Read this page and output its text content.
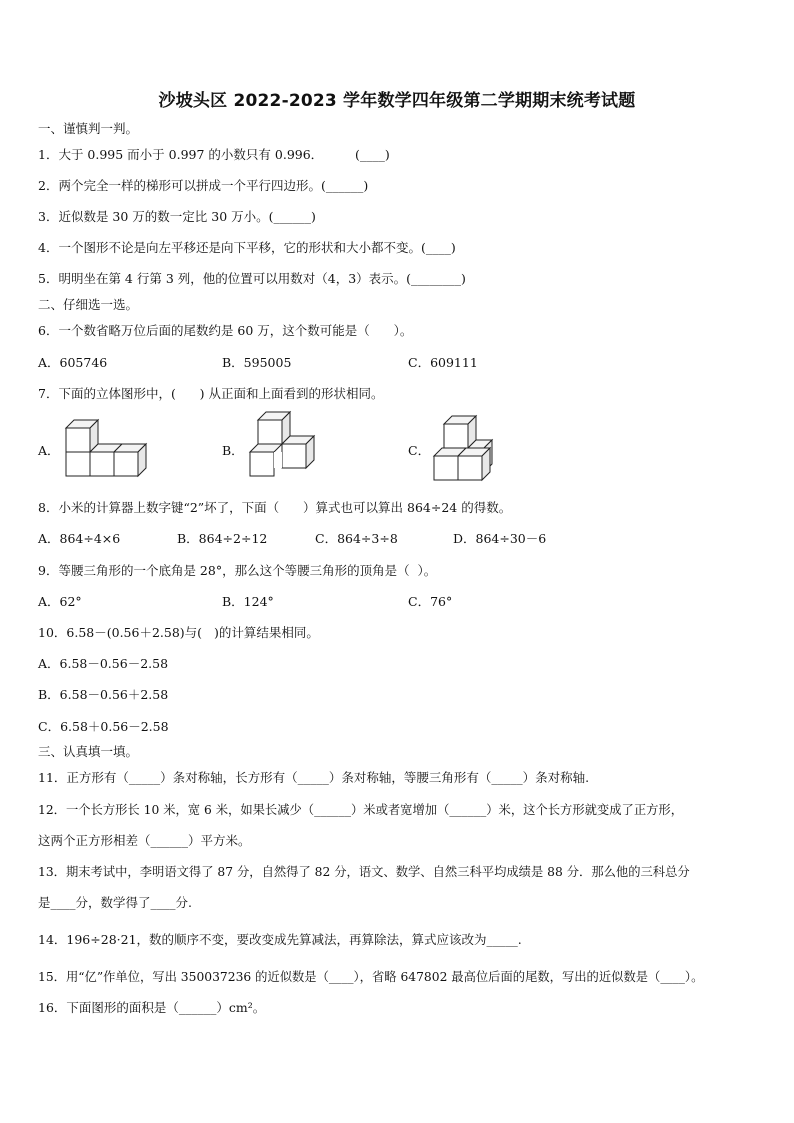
沙坡头区 2022-2023 学年数学四年级第二学期期末统考试题
一、谨慎判一判。
1．大于 0.995 而小于 0.997 的小数只有 0.996．        (____)
2．两个完全一样的梯形可以拼成一个平行四边形。(______)
3．近似数是 30 万的数一定比 30 万小。(______)
4．一个图形不论是向左平移还是向下平移，它的形状和大小都不变。(____)
5．明明坐在第 4 行第 3 列，他的位置可以用数对（4，3）表示。(________)
二、仔细选一选。
6．一个数省略万位后面的尾数约是 60 万，这个数可能是（      ）。
A．605746	B．595005	C．609111
7．下面的立体图形中，(      ) 从正面和上面看到的形状相同。
A．	B．	C．
8．小米的计算器上数字键“2”坏了，下面（      ）算式也可以算出 864÷24 的得数。
A．864÷4×6	B．864÷2÷12	C．864÷3÷8	D．864÷30－6
9．等腰三角形的一个底角是 28°，那么这个等腰三角形的顶角是（  ）。
A．62°	B．124°	C．76°
10．6.58－(0.56＋2.58)与(   )的计算结果相同。
A．6.58－0.56－2.58
B．6.58－0.56＋2.58
C．6.58＋0.56－2.58
三、认真填一填。
11．正方形有（_____）条对称轴，长方形有（_____）条对称轴，等腰三角形有（_____）条对称轴.
12．一个长方形长 10 米，宽 6 米，如果长减少（______）米或者宽增加（______）米，这个长方形就变成了正方形，
这两个正方形相差（______）平方米。
13．期末考试中，李明语文得了 87 分，自然得了 82 分，语文、数学、自然三科平均成绩是 88 分．那么他的三科总分
是____分，数学得了____分.
14．196÷28·21，数的顺序不变，要改变成先算减法，再算除法，算式应该改为_____.
15．用“亿”作单位，写出 350037236 的近似数是（____），省略 647802 最高位后面的尾数，写出的近似数是（____）。
16．下面图形的面积是（______）cm²。
